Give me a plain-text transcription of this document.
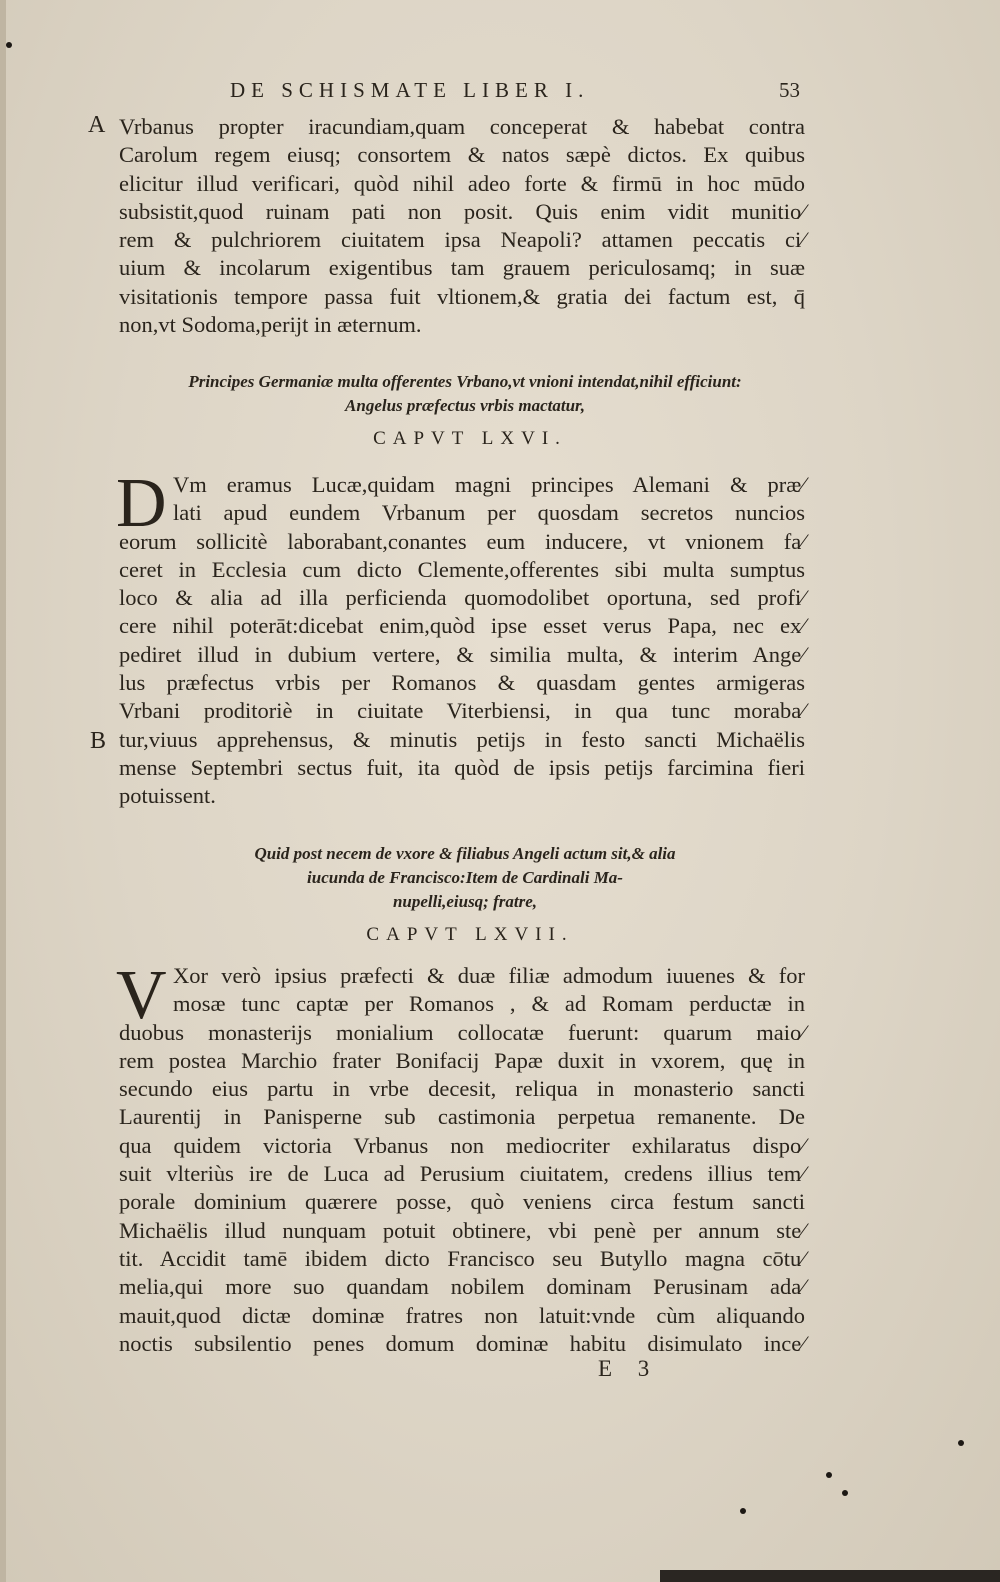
DE SCHISMATE LIBER I.	53
A
B
Vrbanus propter iracundiam,quam conceperat & habebat contra
Carolum regem eiusq; consortem & natos sæpè dictos. Ex quibus
elicitur illud verificari, quòd nihil adeo forte & firmū in hoc mūdo
subsistit,quod ruinam pati non posit. Quis enim vidit munitio⁄
rem & pulchriorem ciuitatem ipsa Neapoli? attamen peccatis ci⁄
uium & incolarum exigentibus tam grauem periculosamq; in suæ
visitationis tempore passa fuit vltionem,& gratia dei factum est, q̄
non,vt Sodoma,perijt in æternum.
Principes Germaniæ multa offerentes Vrbano,vt vnioni intendat,nihil efficiunt:
Angelus præfectus vrbis mactatur,
CAPVT LXVI.
D Vm eramus Lucæ,quidam magni principes Alemani & præ⁄
lati apud eundem Vrbanum per quosdam secretos nuncios
eorum sollicitè laborabant,conantes eum inducere, vt vnionem fa⁄
ceret in Ecclesia cum dicto Clemente,offerentes sibi multa sumptus
loco & alia ad illa perficienda quomodolibet oportuna, sed profi⁄
cere nihil poterāt:dicebat enim,quòd ipse esset verus Papa, nec ex⁄
pediret illud in dubium vertere, & similia multa, & interim Ange⁄
lus præfectus vrbis per Romanos & quasdam gentes armigeras
Vrbani proditoriè in ciuitate Viterbiensi, in qua tunc moraba⁄
tur,viuus apprehensus, & minutis petijs in festo sancti Michaëlis
mense Septembri sectus fuit, ita quòd de ipsis petijs farcimina fieri
potuissent.
Quid post necem de vxore & filiabus Angeli actum sit,& alia
iucunda de Francisco:Item de Cardinali Ma-
nupelli,eiusq; fratre,
CAPVT LXVII.
V Xor verò ipsius præfecti & duæ filiæ admodum iuuenes & for
mosæ tunc captæ per Romanos , & ad Romam perductæ in
duobus monasterijs monialium collocatæ fuerunt: quarum maio⁄
rem postea Marchio frater Bonifacij Papæ duxit in vxorem, quę in
secundo eius partu in vrbe decesit, reliqua in monasterio sancti
Laurentij in Panisperne sub castimonia perpetua remanente. De
qua quidem victoria Vrbanus non mediocriter exhilaratus dispo⁄
suit vlteriùs ire de Luca ad Perusium ciuitatem, credens illius tem⁄
porale dominium quærere posse, quò veniens circa festum sancti
Michaëlis illud nunquam potuit obtinere, vbi penè per annum ste⁄
tit. Accidit tamē ibidem dicto Francisco seu Butyllo magna cōtu⁄
melia,qui more suo quandam nobilem dominam Perusinam ada⁄
mauit,quod dictæ dominæ fratres non latuit:vnde cùm aliquando
noctis subsilentio penes domum dominæ habitu disimulato ince⁄
E 3
